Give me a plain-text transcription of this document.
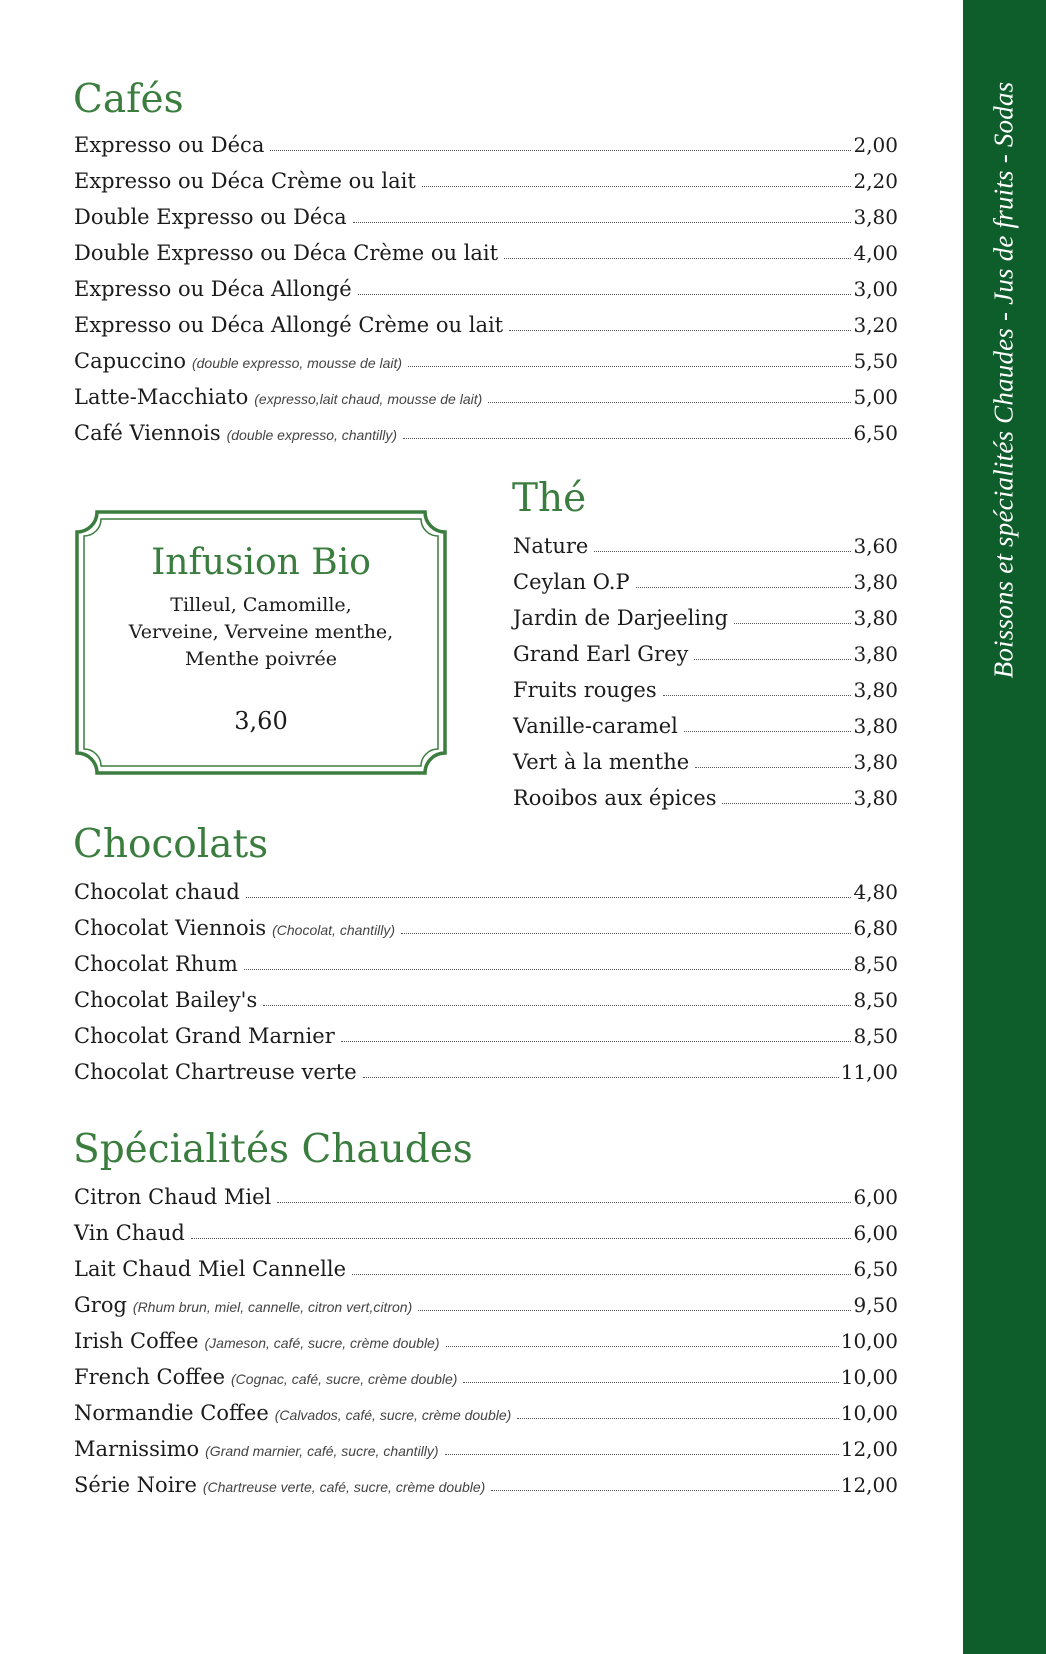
Boissons et spécialités Chaudes - Jus de fruits - Sodas
Cafés
Expresso ou Déca	2,00
Expresso ou Déca Crème ou lait	2,20
Double Expresso ou Déca	3,80
Double Expresso ou Déca Crème ou lait	4,00
Expresso ou Déca Allongé	3,00
Expresso ou Déca Allongé Crème ou lait	3,20
Capuccino (double expresso, mousse de lait)	5,50
Latte-Macchiato (expresso,lait chaud, mousse de lait)	5,00
Café Viennois (double expresso, chantilly)	6,50
Infusion Bio
Tilleul, Camomille,
Verveine, Verveine menthe,
Menthe poivrée
3,60
Thé
Nature	3,60
Ceylan O.P	3,80
Jardin de Darjeeling	3,80
Grand Earl Grey	3,80
Fruits rouges	3,80
Vanille-caramel	3,80
Vert à la menthe	3,80
Rooibos aux épices	3,80
Chocolats
Chocolat chaud	4,80
Chocolat Viennois (Chocolat, chantilly)	6,80
Chocolat Rhum	8,50
Chocolat Bailey's	8,50
Chocolat Grand Marnier	8,50
Chocolat Chartreuse verte	11,00
Spécialités Chaudes
Citron Chaud Miel	6,00
Vin Chaud	6,00
Lait Chaud Miel Cannelle	6,50
Grog (Rhum brun, miel, cannelle, citron vert,citron)	9,50
Irish Coffee (Jameson, café, sucre, crème double)	10,00
French Coffee (Cognac, café, sucre, crème double)	10,00
Normandie Coffee (Calvados, café, sucre, crème double)	10,00
Marnissimo (Grand marnier, café, sucre, chantilly)	12,00
Série Noire (Chartreuse verte, café, sucre, crème double)	12,00
